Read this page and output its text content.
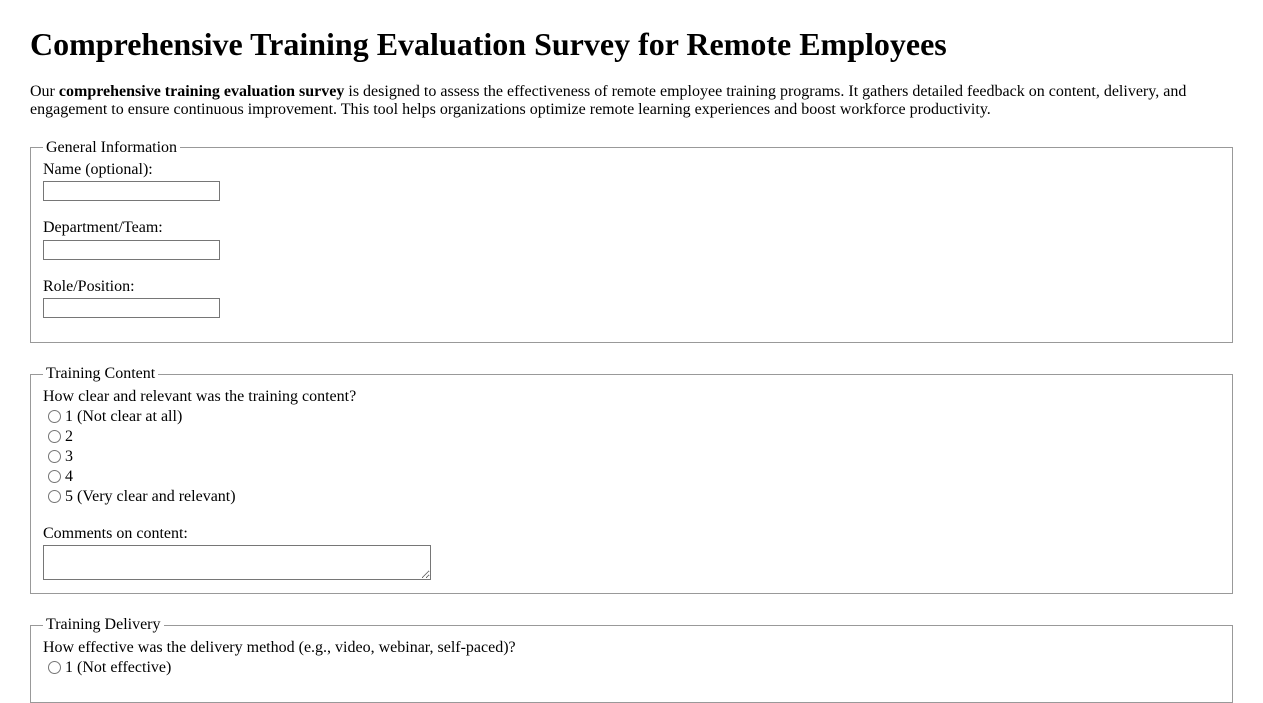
Comprehensive Training Evaluation Survey for Remote Employees

Our comprehensive training evaluation survey is designed to assess the effectiveness of remote employee training programs. It gathers detailed feedback on content, delivery, and engagement to ensure continuous improvement. This tool helps organizations optimize remote learning experiences and boost workforce productivity.

General Information
Name (optional):
Department/Team:
Role/Position:
Training Content
How clear and relevant was the training content?
1 (Not clear at all)
2
3
4
5 (Very clear and relevant)
Comments on content:
Training Delivery
How effective was the delivery method (e.g., video, webinar, self-paced)?
1 (Not effective)
